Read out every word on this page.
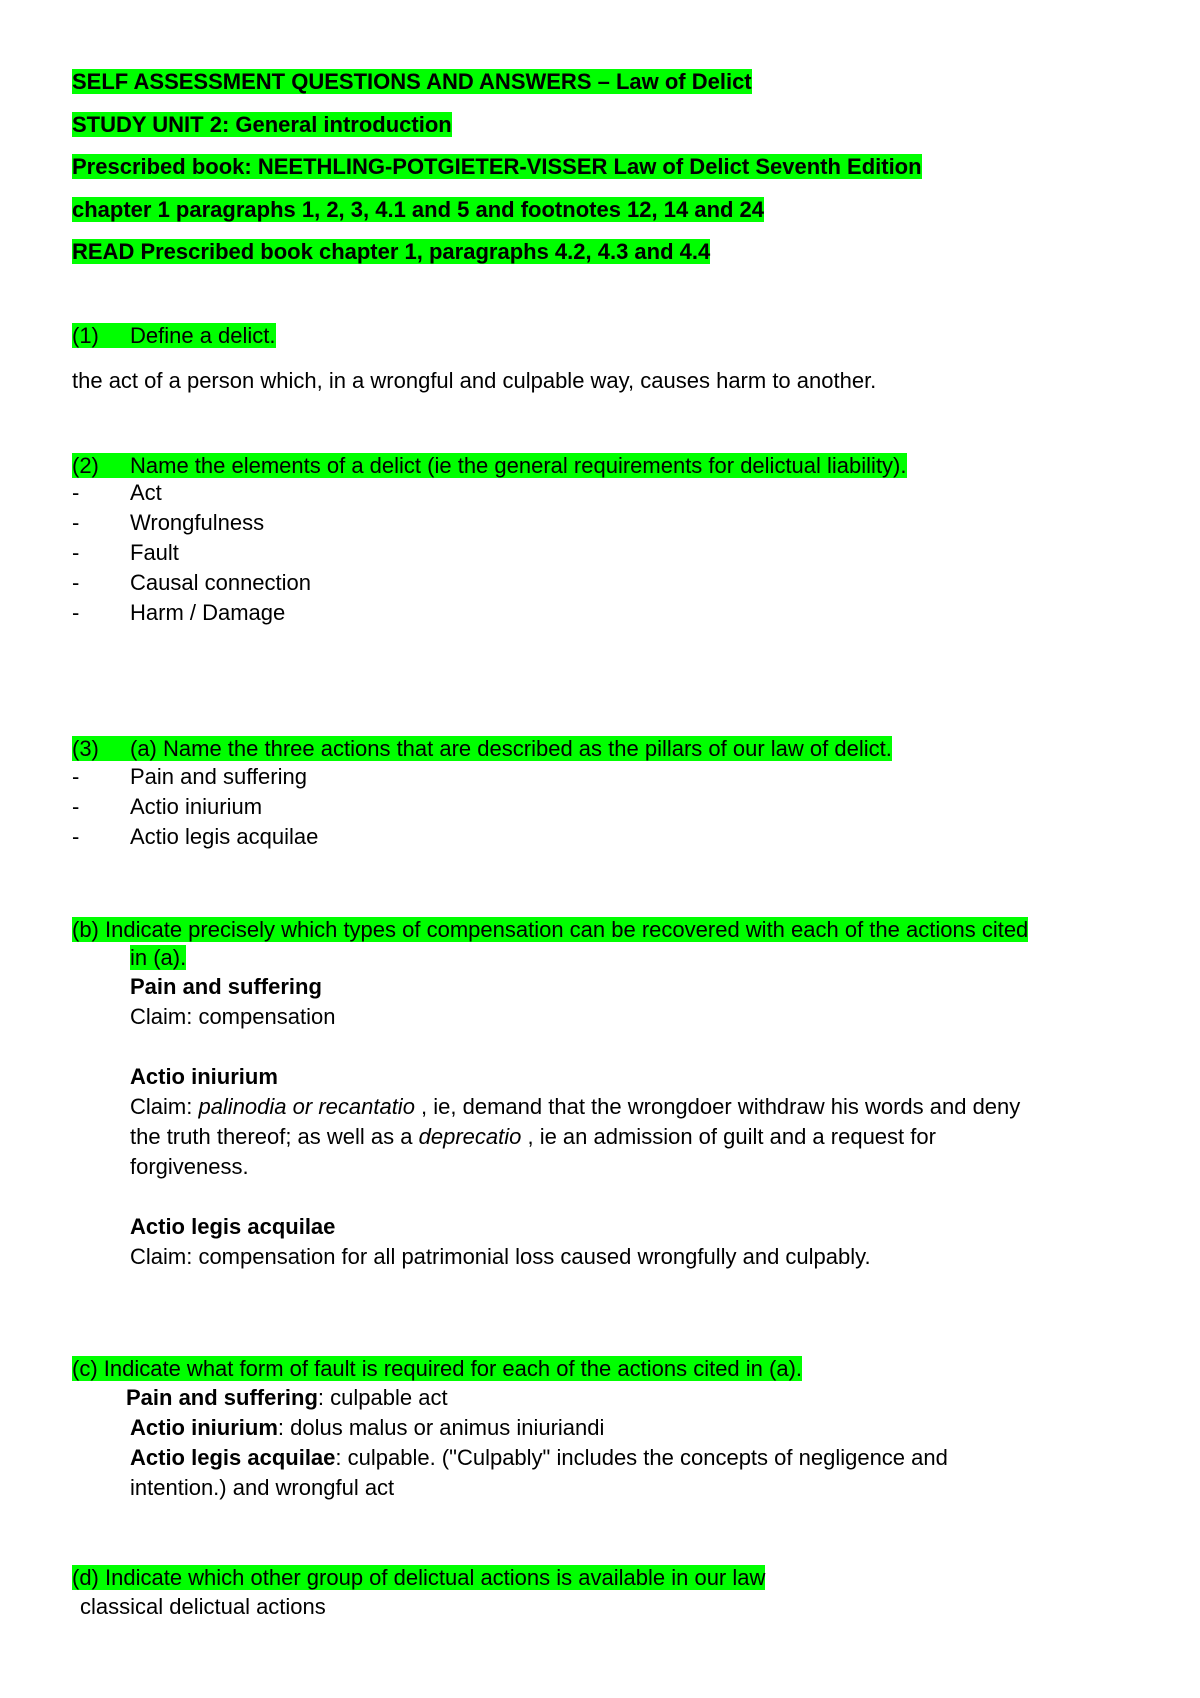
SELF ASSESSMENT QUESTIONS AND ANSWERS – Law of Delict
STUDY UNIT 2: General introduction
Prescribed book: NEETHLING-POTGIETER-VISSER Law of Delict Seventh Edition
chapter 1 paragraphs 1, 2, 3, 4.1 and 5 and footnotes 12, 14 and 24
READ Prescribed book chapter 1, paragraphs 4.2, 4.3 and 4.4
(1) Define a delict.
the act of a person which, in a wrongful and culpable way, causes harm to another.
(2) Name the elements of a delict (ie the general requirements for delictual liability).
- Act
- Wrongfulness
- Fault
- Causal connection
- Harm / Damage
(3) (a) Name the three actions that are described as the pillars of our law of delict.
- Pain and suffering
- Actio iniurium
- Actio legis acquilae
(b) Indicate precisely which types of compensation can be recovered with each of the actions cited
in (a).
Pain and suffering
Claim: compensation
Actio iniurium
Claim: palinodia or recantatio , ie, demand that the wrongdoer withdraw his words and deny
the truth thereof; as well as a deprecatio , ie an admission of guilt and a request for
forgiveness.
Actio legis acquilae
Claim: compensation for all patrimonial loss caused wrongfully and culpably.
(c) Indicate what form of fault is required for each of the actions cited in (a).
Pain and suffering: culpable act
Actio iniurium: dolus malus or animus iniuriandi
Actio legis acquilae: culpable. ("Culpably" includes the concepts of negligence and
intention.) and wrongful act
(d) Indicate which other group of delictual actions is available in our law
classical delictual actions
